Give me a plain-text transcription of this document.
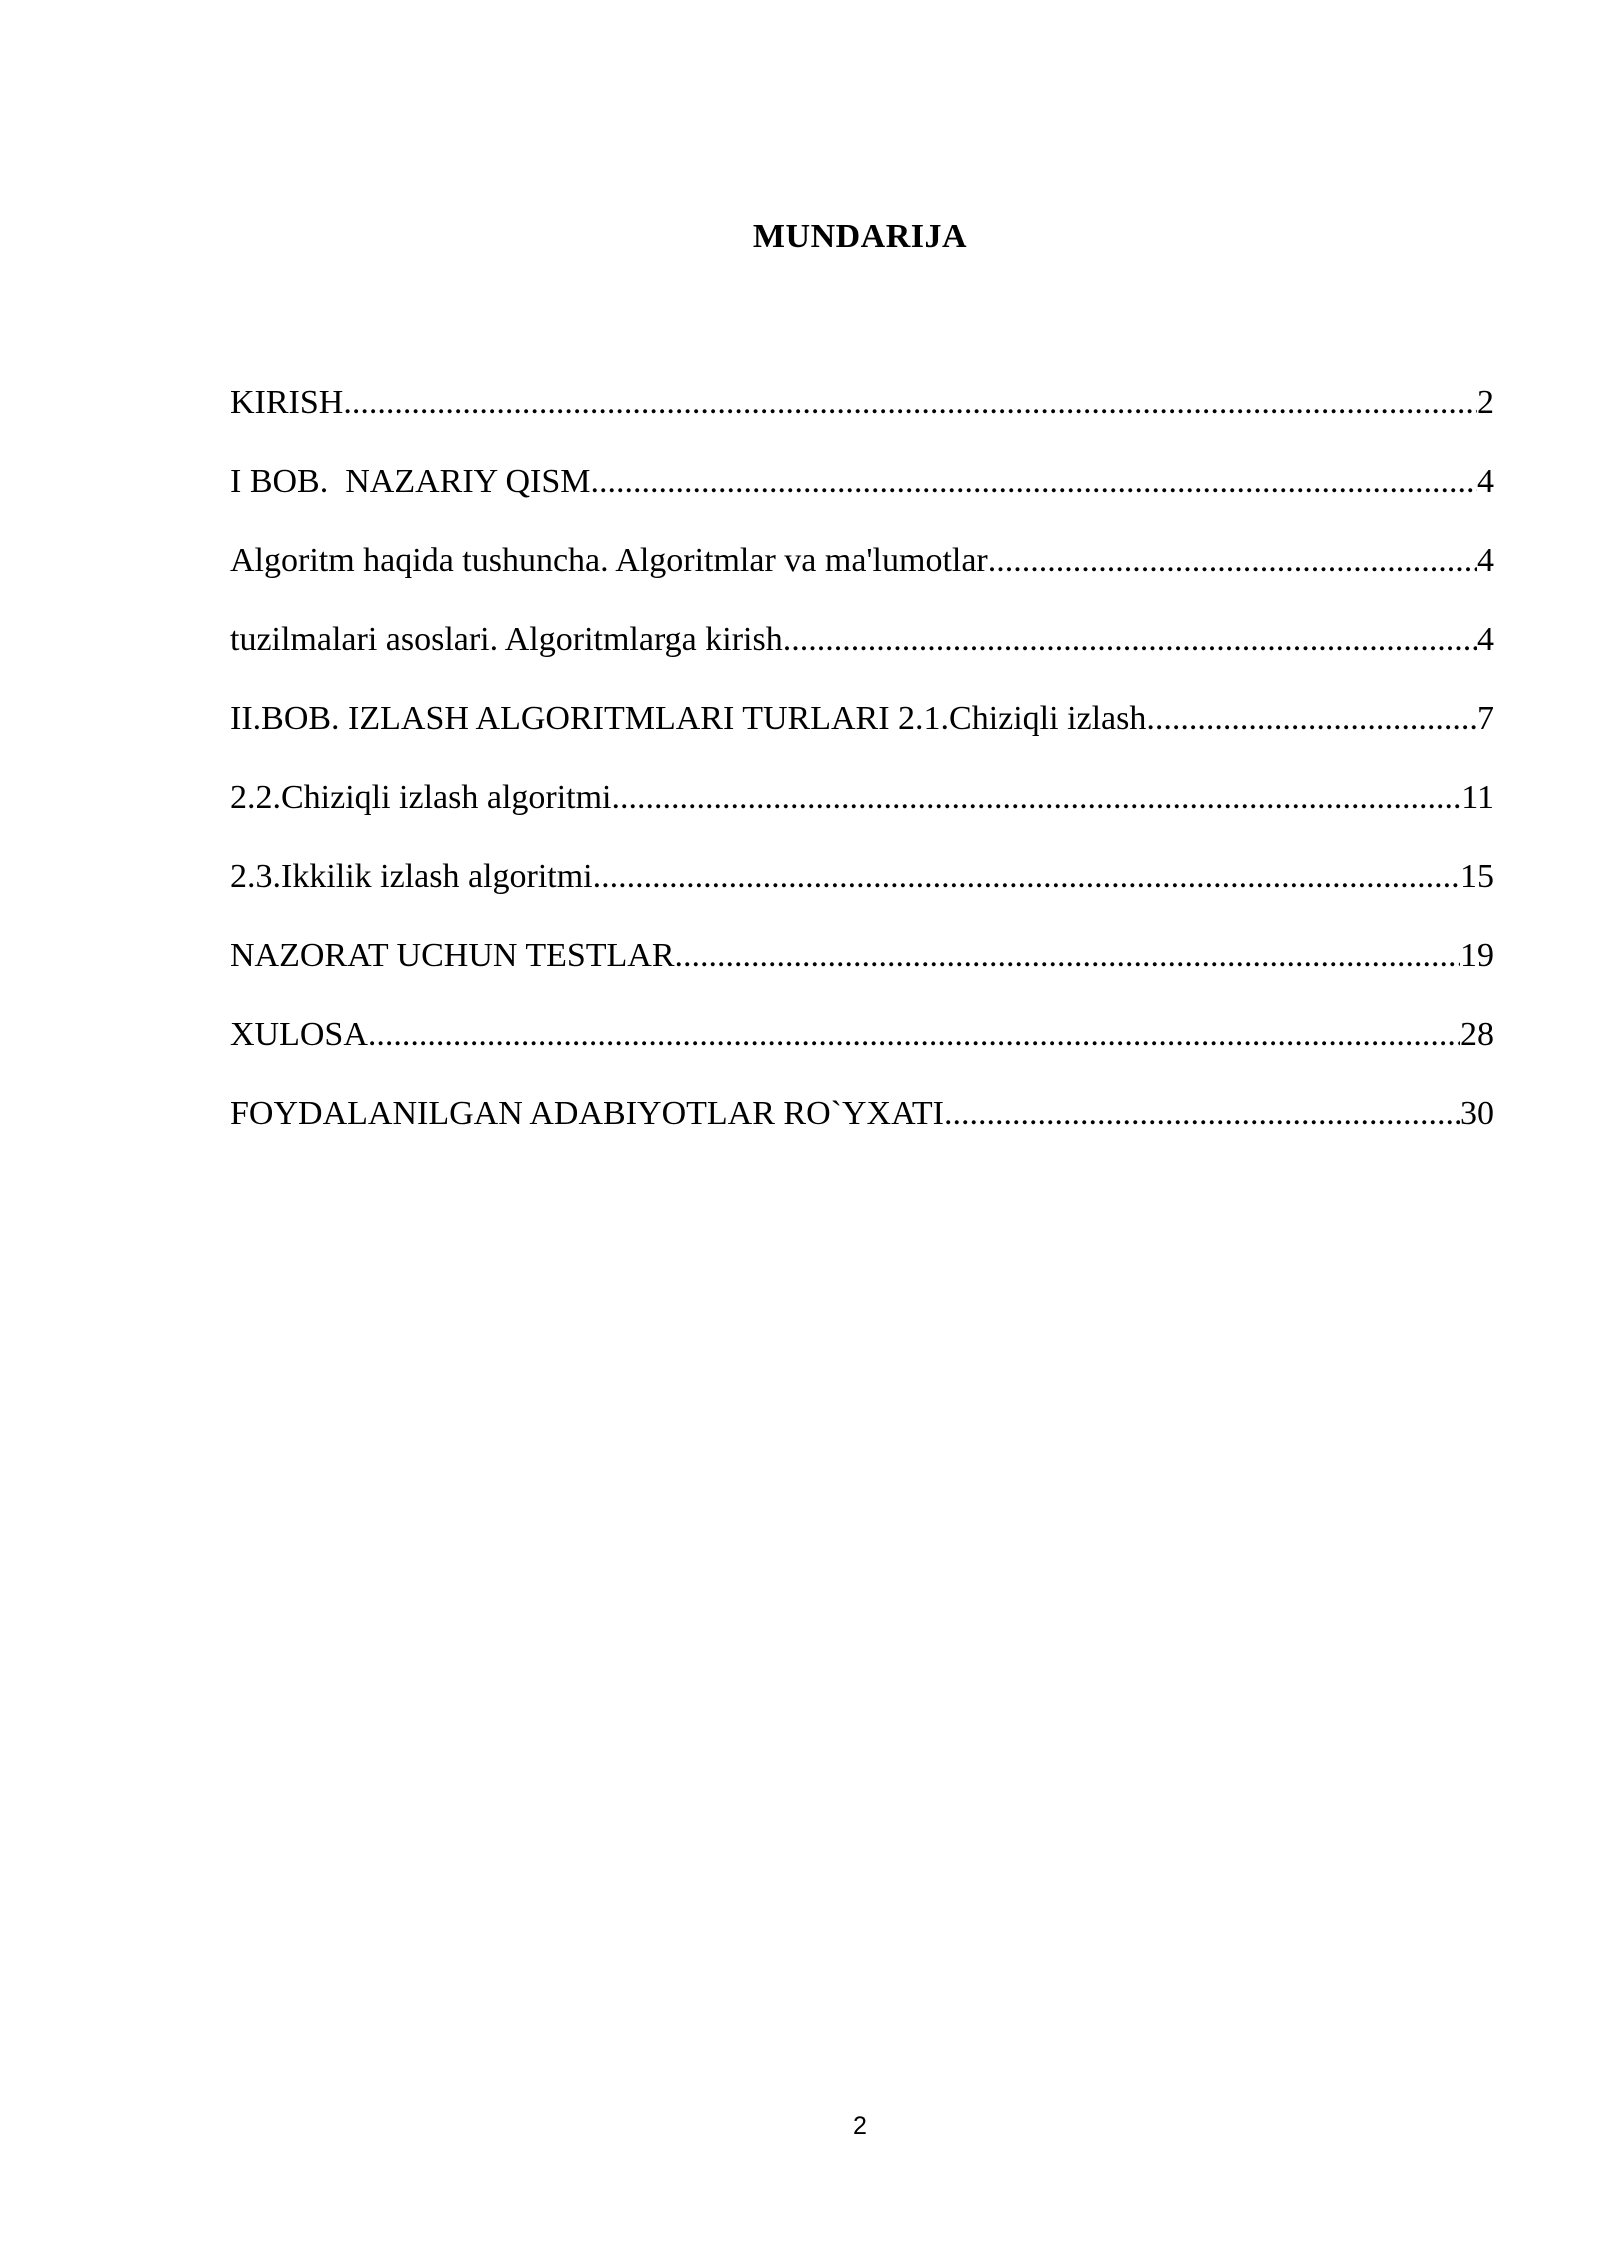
MUNDARIJA
KIRISH .....	2
I BOB.  NAZARIY QISM .....	4
Algoritm haqida tushuncha. Algoritmlar va ma'lumotlar .....	4
tuzilmalari asoslari. Algoritmlarga kirish .....	4
II.BOB. IZLASH ALGORITMLARI TURLARI 2.1.Chiziqli izlash .....	7
2.2.Chiziqli izlash algoritmi .....	11
2.3.Ikkilik izlash algoritmi .....	15
NAZORAT UCHUN TESTLAR .....	19
XULOSA .....	28
FOYDALANILGAN ADABIYOTLAR RO`YXATI .....	30
2
